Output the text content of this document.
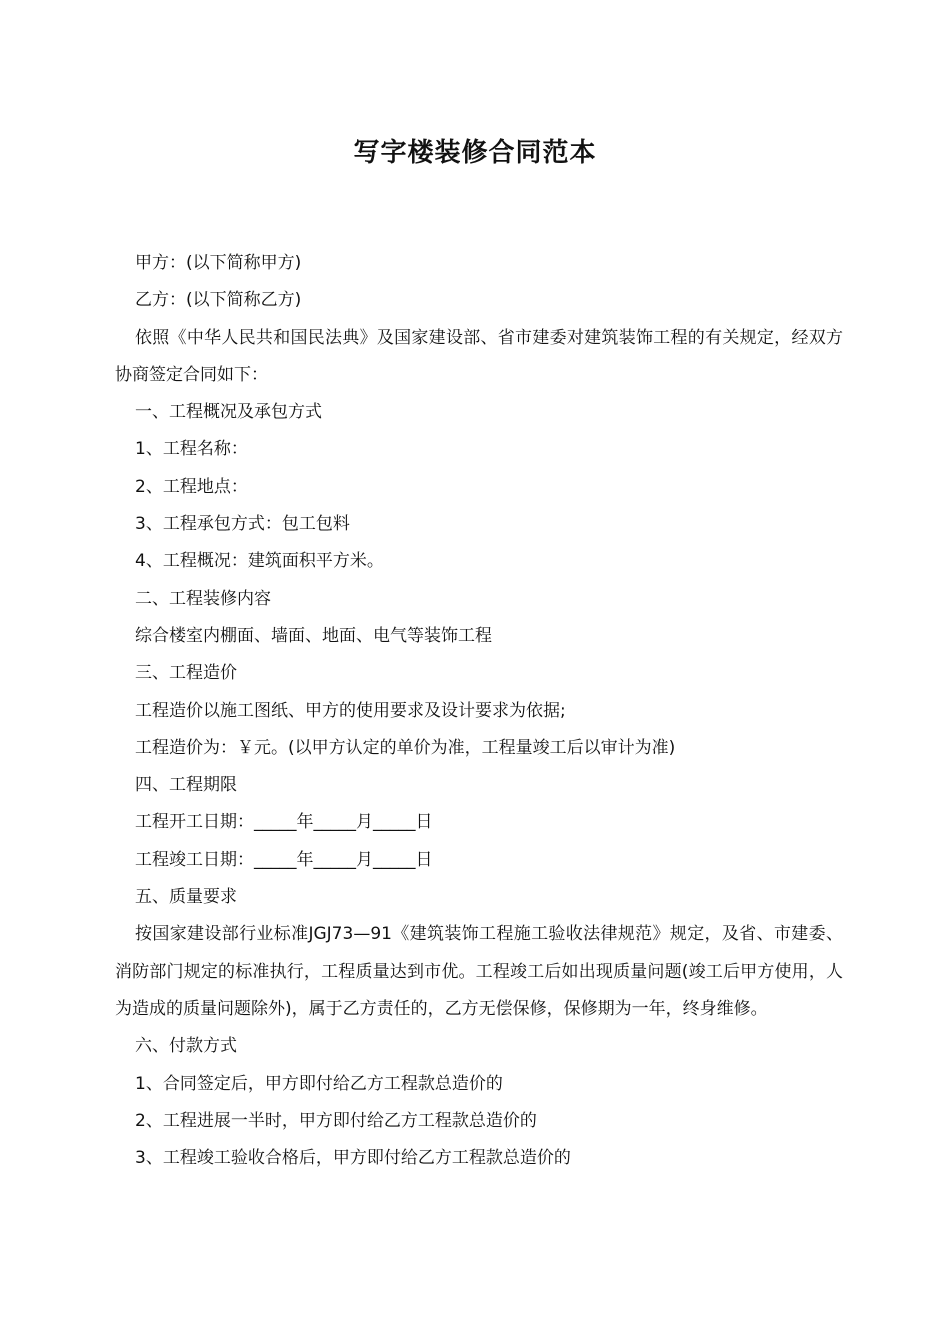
写字楼装修合同范本
甲方：(以下简称甲方)
乙方：(以下简称乙方)
依照《中华人民共和国民法典》及国家建设部、省市建委对建筑装饰工程的有关规定，经双方协商签定合同如下：
一、工程概况及承包方式
1、工程名称：
2、工程地点：
3、工程承包方式：包工包料
4、工程概况：建筑面积平方米。
二、工程装修内容
综合楼室内棚面、墙面、地面、电气等装饰工程
三、工程造价
工程造价以施工图纸、甲方的使用要求及设计要求为依据;
工程造价为：￥元。(以甲方认定的单价为准，工程量竣工后以审计为准)
四、工程期限
工程开工日期：_____年_____月_____日
工程竣工日期：_____年_____月_____日
五、质量要求
按国家建设部行业标准JGJ73—91《建筑装饰工程施工验收法律规范》规定，及省、市建委、消防部门规定的标准执行，工程质量达到市优。工程竣工后如出现质量问题(竣工后甲方使用，人为造成的质量问题除外)，属于乙方责任的，乙方无偿保修，保修期为一年，终身维修。
六、付款方式
1、合同签定后，甲方即付给乙方工程款总造价的
2、工程进展一半时，甲方即付给乙方工程款总造价的
3、工程竣工验收合格后，甲方即付给乙方工程款总造价的
